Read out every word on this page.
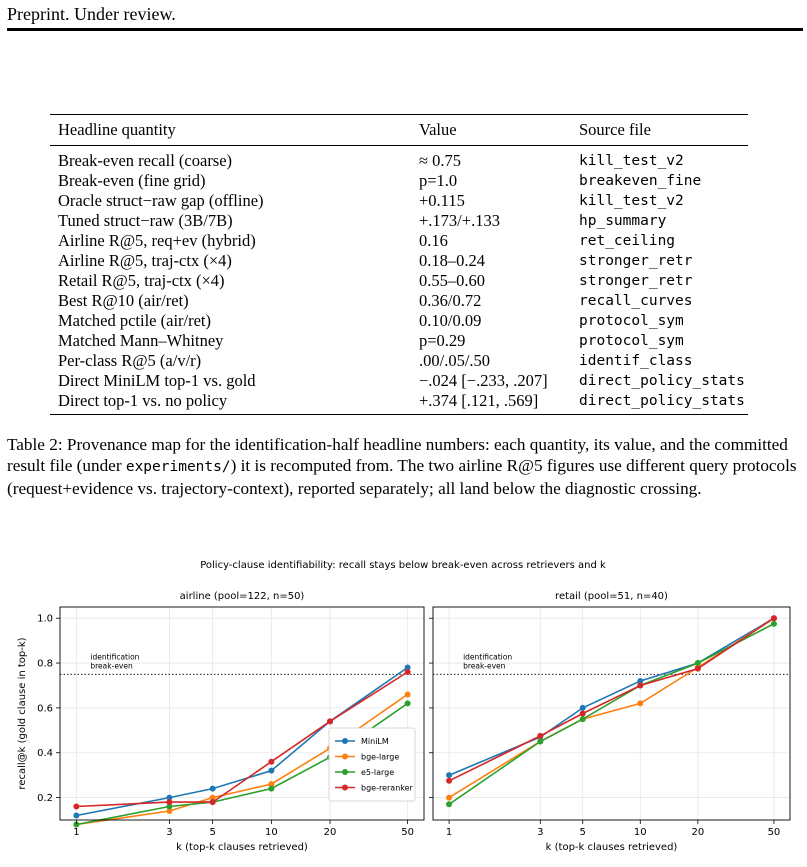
Preprint. Under review.
Headline quantity	Value	Source file
Break-even recall (coarse)	≈ 0.75	kill_test_v2
Break-even (fine grid)	p=1.0	breakeven_fine
Oracle struct−raw gap (offline)	+0.115	kill_test_v2
Tuned struct−raw (3B/7B)	+.173/+.133	hp_summary
Airline R@5, req+ev (hybrid)	0.16	ret_ceiling
Airline R@5, traj-ctx (×4)	0.18–0.24	stronger_retr
Retail R@5, traj-ctx (×4)	0.55–0.60	stronger_retr
Best R@10 (air/ret)	0.36/0.72	recall_curves
Matched pctile (air/ret)	0.10/0.09	protocol_sym
Matched Mann–Whitney	p=0.29	protocol_sym
Per-class R@5 (a/v/r)	.00/.05/.50	identif_class
Direct MiniLM top-1 vs. gold	−.024 [−.233, .207]	direct_policy_stats
Direct top-1 vs. no policy	+.374 [.121, .569]	direct_policy_stats
Table 2: Provenance map for the identification-half headline numbers: each quantity, its value, and the committed result file (under experiments/) it is recomputed from. The two airline R@5 figures use different query protocols (request+evidence vs. trajectory-context), reported separately; all land below the diagnostic crossing.
Policy-clause identifiability: recall stays below break-even across retrievers and k
identification
break-even
airline (pool=122, n=50)
1	3	5	10	20	50
k (top-k clauses retrieved)
0.2
0.4
0.6
0.8
1.0
identification
break-even
retail (pool=51, n=40)
1	3	5	10	20	50
k (top-k clauses retrieved)
recall@k (gold clause in top-k)	MiniLM
bge-large
e5-large
bge-reranker
